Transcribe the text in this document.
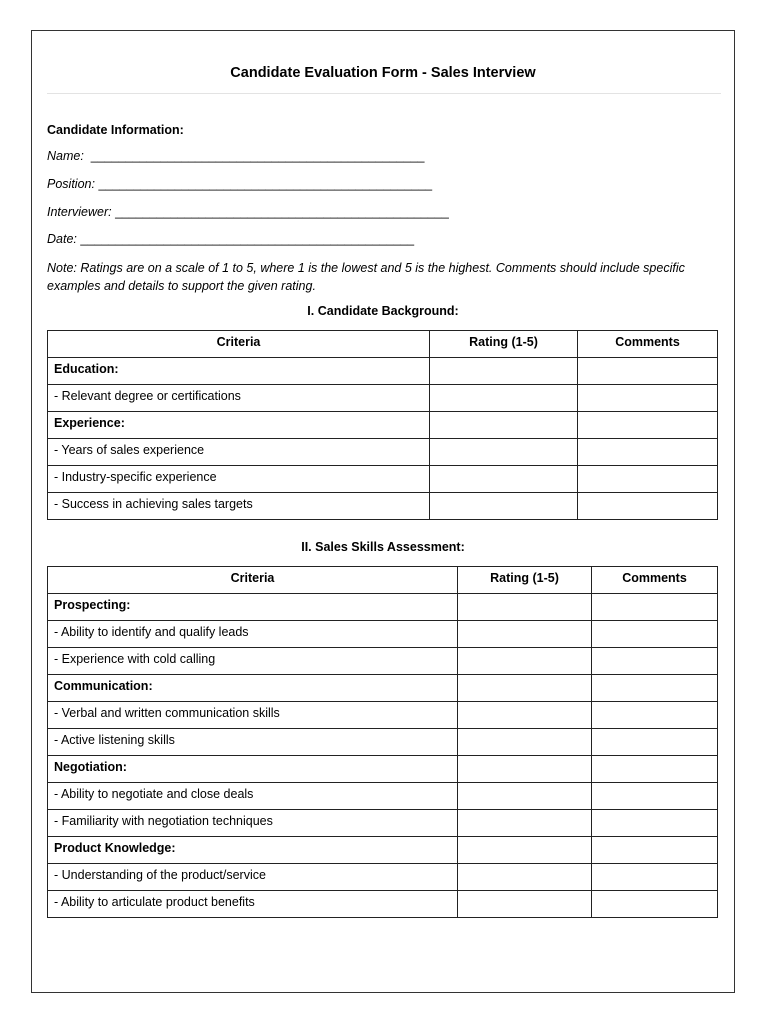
Candidate Evaluation Form - Sales Interview
Candidate Information:
Name: ________________________________________________
Position: ________________________________________________
Interviewer: ________________________________________________
Date: ________________________________________________
Note: Ratings are on a scale of 1 to 5, where 1 is the lowest and 5 is the highest. Comments should include specific examples and details to support the given rating.
I. Candidate Background:
Criteria	Rating (1-5)	Comments
Education:		
- Relevant degree or certifications		
Experience:		
- Years of sales experience		
- Industry-specific experience		
- Success in achieving sales targets		
II. Sales Skills Assessment:
Criteria	Rating (1-5)	Comments
Prospecting:		
- Ability to identify and qualify leads		
- Experience with cold calling		
Communication:		
- Verbal and written communication skills		
- Active listening skills		
Negotiation:		
- Ability to negotiate and close deals		
- Familiarity with negotiation techniques		
Product Knowledge:		
- Understanding of the product/service		
- Ability to articulate product benefits		
